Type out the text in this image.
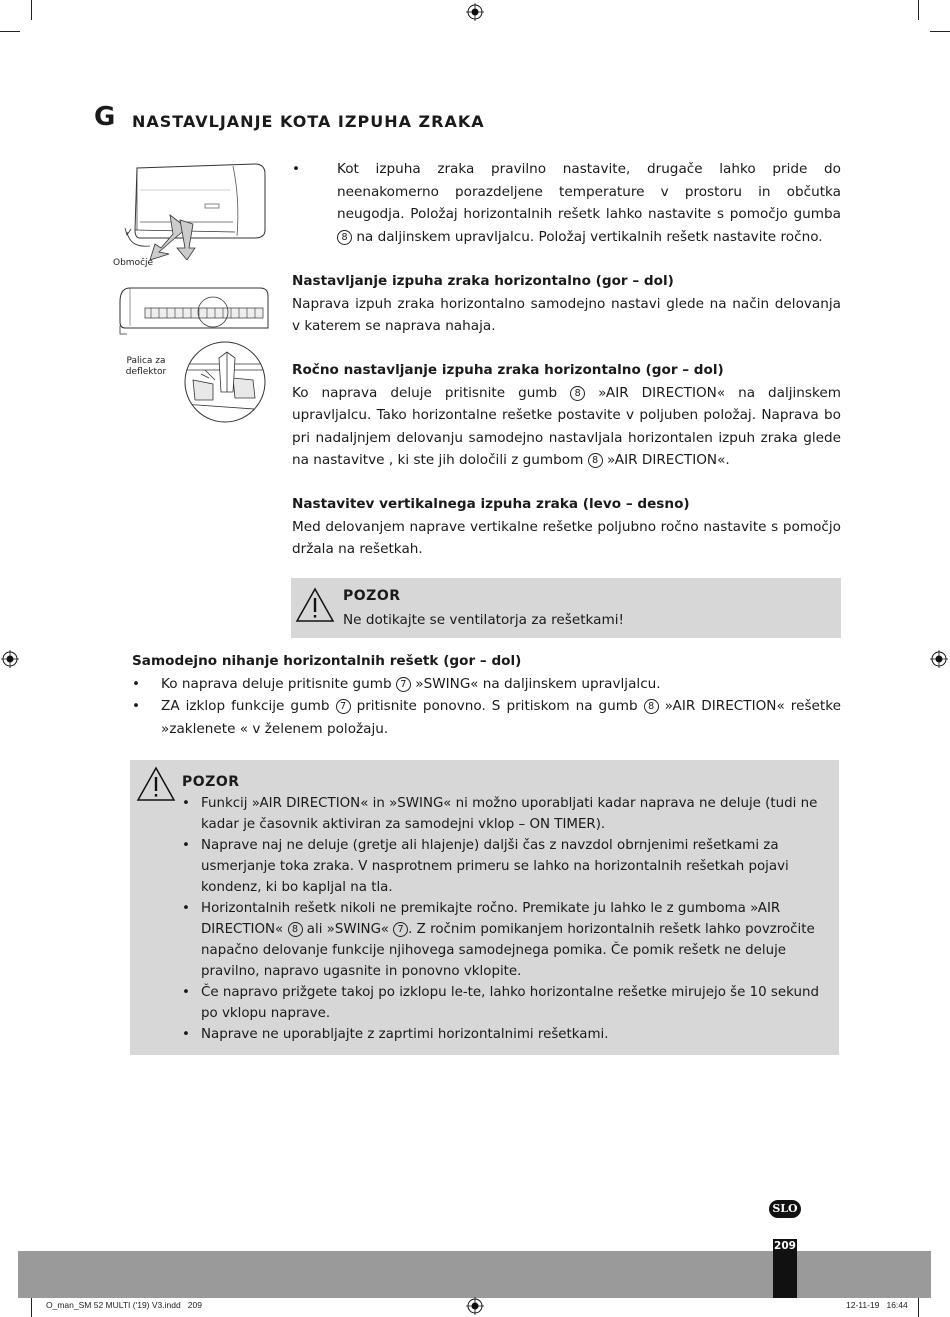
G NASTAVLJANJE KOTA IZPUHA ZRAKA
Območje
Palica za deflektor
• Kot izpuha zraka pravilno nastavite, drugače lahko pride do neenakomerno porazdeljene temperature v prostoru in občutka neugodja. Položaj horizontalnih rešetk lahko nastavite s pomočjo gumba 8 na daljinskem upravljalcu. Položaj vertikalnih rešetk nastavite ročno.
Nastavljanje izpuha zraka horizontalno (gor – dol)
Naprava izpuh zraka horizontalno samodejno nastavi glede na način delovanja v katerem se naprava nahaja.
Ročno nastavljanje izpuha zraka horizontalno (gor – dol)
Ko naprava deluje pritisnite gumb 8 »AIR DIRECTION« na daljinskem upravljalcu. Tako horizontalne rešetke postavite v poljuben položaj. Naprava bo pri nadaljnjem delovanju samodejno nastavljala horizontalen izpuh zraka glede na nastavitve , ki ste jih določili z gumbom 8 »AIR DIRECTION«.
Nastavitev vertikalnega izpuha zraka (levo – desno)
Med delovanjem naprave vertikalne rešetke poljubno ročno nastavite s pomočjo držala na rešetkah.
POZOR
Ne dotikajte se ventilatorja za rešetkami!
Samodejno nihanje horizontalnih rešetk (gor – dol)
• Ko naprava deluje pritisnite gumb 7 »SWING« na daljinskem upravljalcu.
• ZA izklop funkcije gumb 7 pritisnite ponovno. S pritiskom na gumb 8 »AIR DIRECTION« rešetke »zaklenete « v želenem položaju.
POZOR
• Funkcij »AIR DIRECTION« in »SWING« ni možno uporabljati kadar naprava ne deluje (tudi ne kadar je časovnik aktiviran za samodejni vklop – ON TIMER).
• Naprave naj ne deluje (gretje ali hlajenje) daljši čas z navzdol obrnjenimi rešetkami za usmerjanje toka zraka. V nasprotnem primeru se lahko na horizontalnih rešetkah pojavi kondenz, ki bo kapljal na tla.
• Horizontalnih rešetk nikoli ne premikajte ročno. Premikate ju lahko le z gumboma »AIR DIRECTION« 8 ali »SWING« 7 . Z ročnim pomikanjem horizontalnih rešetk lahko povzročite napačno delovanje funkcije njihovega samodejnega pomika. Če pomik rešetk ne deluje pravilno, napravo ugasnite in ponovno vklopite.
• Če napravo prižgete takoj po izklopu le-te, lahko horizontalne rešetke mirujejo še 10 sekund po vklopu naprave.
• Naprave ne uporabljajte z zaprtimi horizontalnimi rešetkami.
SLO
209
O_man_SM 52 MULTI ('19) V3.indd   209	12-11-19   16:44
